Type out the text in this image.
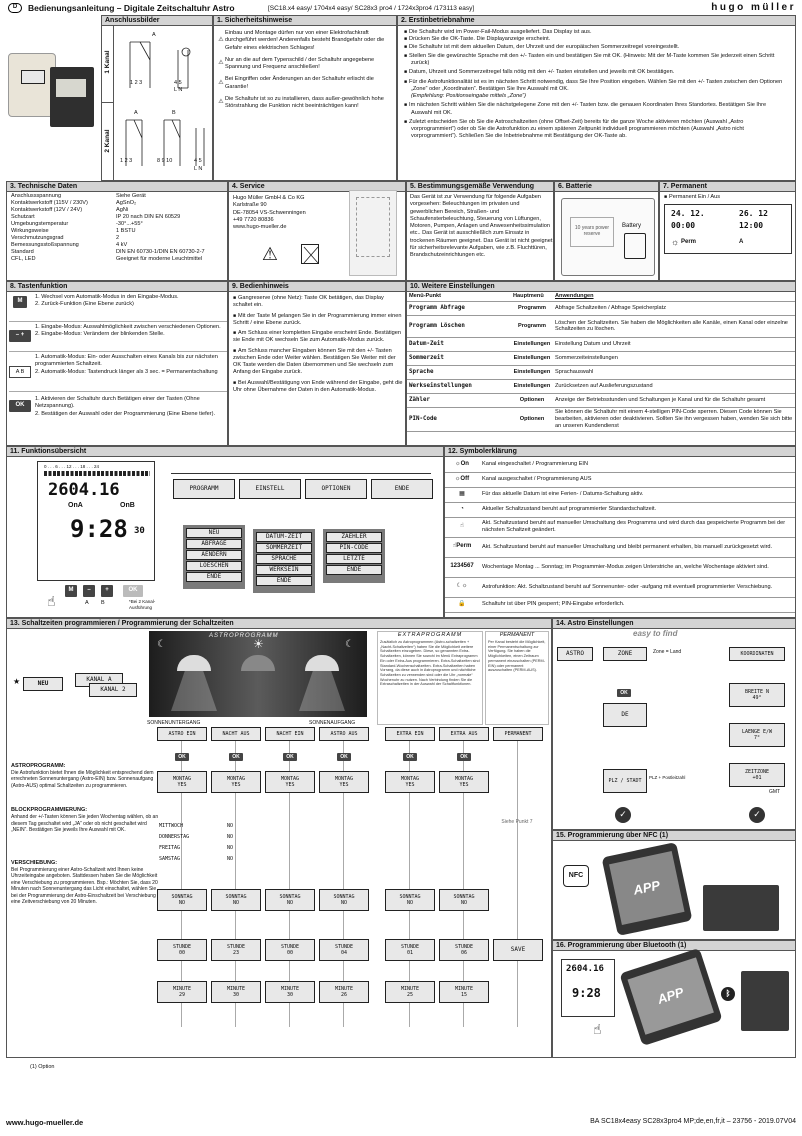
D	Bedienungsanleitung – Digitale Zeitschaltuhr Astro	[SC18.x4 easy/ 1704x4 easy/ SC28x3 pro4 / 1724x3pro4 /173113 easy]	hugo müller
Anschlussbilder
1 Kanal
2 Kanal
A
1 2 3	4 5
L N
A	B
1 2 3	8 9 10	4 5
L N
1. Sicherheitshinweise
⚠
Einbau und Montage dürfen nur von einer Elektrofachkraft durchgeführt werden! Anderenfalls besteht Brandgefahr oder die Gefahr eines elektrischen Schlages!
⚠
Nur an die auf dem Typenschild / der Schaltuhr angegebene Spannung und Frequenz anschließen!
⚠
Bei Eingriffen oder Änderungen an der Schaltuhr erlischt die Garantie!
⚠
Die Schaltuhr ist so zu installieren, dass außer-gewöhnlich hohe Störstrahlung die Funktion nicht beeinträchtigen kann!
2. Erstinbetriebnahme
■ Die Schaltuhr wird im Power-Fail-Modus ausgeliefert. Das Display ist aus.
■ Drücken Sie die OK-Taste. Die Displayanzeige erscheint.
■ Die Schaltuhr ist mit dem aktuellen Datum, der Uhrzeit und der europäischen Sommerzeitregel voreingestellt.
■ Stellen Sie die gewünschte Sprache mit den +/- Tasten ein und bestätigen Sie mit OK. (Hinweis: Mit der M-Taste kommen Sie jederzeit einen Schritt zurück)
■ Datum, Uhrzeit und Sommerzeitregel falls nötig mit den +/- Tasten einstellen und jeweils mit OK bestätigen.
■ Für die Astrofunktionalität ist es im nächsten Schritt notwendig, dass Sie Ihre Position eingeben. Wählen Sie mit den +/- Tasten zwischen den Optionen „Zone“ oder „Koordinaten“. Bestätigen Sie Ihre Auswahl mit OK.
(Empfehlung: Positionseingabe mittels „Zone“)
■ Im nächsten Schritt wählen Sie die nächstgelegene Zone mit den +/- Tasten bzw. die genauen Koordinaten Ihres Standortes. Bestätigen Sie Ihre Auswahl mit OK.
■ Zuletzt entscheiden Sie ob Sie die Astroschaltzeiten (ohne Offset-Zeit) bereits für die ganze Woche aktivieren möchten (Auswahl „Astro vorprogrammiert“) oder ob Sie die Astrofunktion zu einem späteren Zeitpunkt individuell programmieren möchten (Auswahl „Astro nicht vorprogrammiert“). Schließen Sie die Inbetriebnahme mit Bestätigung der OK-Taste ab.
3. Technische Daten
Anschlussspannung	Siehe Gerät
Kontaktwerkstoff (115V / 230V)	AgSnO₂
Kontaktwerkstoff (12V / 24V)	AgNi
Schutzart	IP 20 nach DIN EN 60529
Umgebungstemperatur	-30°...+55°
Wirkungsweise	1 BSTU
Verschmutzungsgrad	2
Bemessungsstoßspannung	4 kV
Standard	DIN EN 60730-1/DIN EN 60730-2-7
CFL, LED	Geeignet für moderne Leuchtmittel
4. Service
Hugo Müller GmbH & Co KG
Karlstraße 90
DE-78054 VS-Schwenningen
+49 7720 80836
www.hugo-mueller.de
⚠
5. Bestimmungsgemäße Verwendung
Das Gerät ist zur Verwendung für folgende Aufgaben vorgesehen: Beleuchtungen im privaten und gewerblichen Bereich, Straßen- und Schaufensterbeleuchtung, Steuerung von Lüftungen, Motoren, Pumpen, Anlagen und Anwesenheitssimulation etc.. Das Gerät ist ausschließlich zum Einsatz in trockenen Räumen geeignet. Das Gerät ist nicht geeignet für sicherheitsrelevante Aufgaben, wie z.B. Fluchttüren, Brandschutzeinrichtungen etc.
6. Batterie
Battery
10 years power reserve
7. Permanent
■ Permanent Ein / Aus
24. 12.	26. 12
00:00	12:00
☼ Perm	A
8. Tastenfunktion
M
1. Wechsel vom Automatik-Modus in den Eingabe-Modus.
2. Zurück-Funktion (Eine Ebene zurück)
– +
1. Eingabe-Modus: Auswahlmöglichkeit zwischen verschiedenen Optionen.
2. Eingabe-Modus: Verändern der blinkenden Stelle.
A B
1. Automatik-Modus: Ein- oder Ausschalten eines Kanals bis zur nächsten programmierten Schaltzeit.
2. Automatik-Modus: Tastendruck länger als 3 sec. = Permanentschaltung
OK
1. Aktivieren der Schaltuhr durch Betätigen einer der Tasten (Ohne Netzspannung).
2. Bestätigen der Auswahl oder der Programmierung (Eine Ebene tiefer).
9. Bedienhinweis
■ Gangreserve (ohne Netz): Taste OK betätigen, das Display schaltet ein.
■ Mit der Taste M gelangen Sie in der Programmierung immer einen Schritt / eine Ebene zurück.
■ Am Schluss einer kompletten Eingabe erscheint Ende. Bestätigen sie Ende mit OK wechseln Sie zum Automatik-Modus zurück.
■ Am Schluss mancher Eingaben können Sie mit den +/- Tasten zwischen Ende oder Weiter wählen. Bestätigen Sie Weiter mit der OK Taste werden die Daten übernommen und Sie wechseln zum Anfang der Eingabe zurück.
■ Bei Auswahl/Bestätigung von Ende während der Eingabe, geht die Uhr ohne Übernahme der Daten in den Automatik-Modus.
10. Weitere Einstellungen
Menü-Punkt	Hauptmenü	Anwendungen
Programm Abfrage	Programm	Abfrage Schaltzeiten / Abfrage Speicherplatz
Programm Löschen	Programm	Löschen der Schaltzeiten. Sie haben die Möglichkeiten alle Kanäle, einen Kanal oder einzelne Schaltzeiten zu löschen.
Datum-Zeit	Einstellungen	Einstellung Datum und Uhrzeit
Sommerzeit	Einstellungen	Sommerzeiteinstellungen
Sprache	Einstellungen	Sprachauswahl
Werkseinstellungen	Einstellungen	Zurücksetzen auf Auslieferungszustand
Zähler	Optionen	Anzeige der Betriebsstunden und Schaltungen je Kanal und für die Schaltuhr gesamt
PIN-Code	Optionen	Sie können die Schaltuhr mit einem 4-stelligen PIN-Code sperren. Diesen Code können Sie bearbeiten, aktivieren oder deaktivieren. Sollten Sie ihn vergessen haben, wenden Sie sich bitte an unseren Kundendienst
11. Funktionsübersicht
0 . . . 6 . . . 12 . . . 18 . . . 24
2604.16
OnA	OnB
9:28 30
M	–	+	OK
A B
☝	*Bei 2 Kanal-Ausführung
PROGRAMM	EINSTELL	OPTIONEN	ENDE
NEU
ABFRAGE
AENDERN
LOESCHEN
ENDE
DATUM-ZEIT
SOMMERZEIT
SPRACHE
WERKSEIN
ENDE
ZAEHLER
PIN-CODE
LETZTE
ENDE
12. Symbolerklärung
☼On	Kanal eingeschaltet / Programmierung EIN
☼Off	Kanal ausgeschaltet / Programmierung AUS
▦	Für das aktuelle Datum ist eine Ferien- / Datums-Schaltung aktiv.
◔	Aktueller Schaltzustand beruht auf programmierter Standardschaltzeit.
☝	Akt. Schaltzustand beruht auf manueller Umschaltung des Programms und wird durch das gespeicherte Programm bei der nächsten Schaltzeit geändert.
☝Perm	Akt. Schaltzustand beruht auf manueller Umschaltung und bleibt permanent erhalten, bis manuell zurückgesetzt wird.
1234567	Wochentage Montag ... Sonntag; im Programmier-Modus zeigen Unterstriche an, welche Wochentage aktiviert sind.
☾☼	Astrofunktion: Akt. Schaltzustand beruht auf Sonnenunter- oder -aufgang mit eventuell programmierter Verschiebung.
🔒	Schaltuhr ist über PIN gesperrt; PIN-Eingabe erforderlich.
13. Schaltzeiten programmieren / Programmierung der Schaltzeiten
ASTROPROGRAMM
☾	☀	☾
SONNENUNTERGANG	SONNENAUFGANG
EXTRAPROGRAMM
Zusätzlich zu Astroprogrammen (Astro-schaltzeiten + „Nacht-Schaltzeiten“) haben Sie die Möglichkeit weitere Schaltzeiten einzugeben. Diese, so genannten Extra-Schaltzeiten, können Sie sowohl im Menü Extraprogramm Ein oder Extra-Aus programmieren. Extra-Schaltzeiten sind Standard-Wochenschaltzeiten. Extra-Schaltzeiten haben Vorrang, da diese auch in Astroprogramm und nächtliche Schaltzeiten zu verwenden sind oder die Uhr „normale“ Wochenuhr zu nutzen. Nach Verbindung finden Sie die Extraschaltzeiten in der Auswahl der Schaltfunktionen.
PERMANENT
Per Kanal besteht die Möglichkeit, einer Permanentschaltung zur Verfügung. Sie haben die Möglichkeiten, einen Zeitraum permanent einzuschalten (PERM-EIN) oder permanent auszuschalten (PERM-AUS).
NEU
★	KANAL A
KANAL 2
ASTROPROGRAMM:
Die Astrofunktion bietet Ihnen die Möglichkeit entsprechend dem errechneten Sonnenuntergang (Astro-EIN) bzw. Sonnenaufgang (Astro-AUS) optimal Schaltzeiten zu programmieren.
BLOCKPROGRAMMIERUNG:
Anhand der +/-Tasten können Sie jeden Wochentag wählen, ob an diesem Tag geschaltet wird „JA“ oder ob nicht geschaltet wird „NEIN“. Bestätigen Sie jeweils Ihre Auswahl mit OK.
VERSCHIEBUNG:
Bei Programmierung einer Astro-Schaltzeit wird Ihnen keine Uhrzeiteingabe angeboten. Stattdessen haben Sie die Möglichkeit eine Verschiebung zu programmieren. Bsp.: Möchten Sie, dass 20 Minuten nach Sonnenuntergang das Licht einschaltet, wählen Sie bei der Programmierung der Astro-Einschaltzeit bei Verschiebung eine Zeitverschiebung von 20 Minuten.
ASTRO EIN
MONTAG
YES
SONNTAG
NO
STUNDE
00
MINUTE
29
OK
NACHT AUS
MONTAG
YES
SONNTAG
NO
STUNDE
23
MINUTE
30
OK
NACHT EIN
MONTAG
YES
SONNTAG
NO
STUNDE
00
MINUTE
30
OK
ASTRO AUS
MONTAG
YES
SONNTAG
NO
STUNDE
04
MINUTE
26
OK
EXTRA EIN
MONTAG
YES
SONNTAG
NO
STUNDE
01
MINUTE
25
OK
EXTRA AUS
MONTAG
YES
SONNTAG
NO
STUNDE
06
MINUTE
15
OK
PERMANENT
Siehe Punkt 7
MITTWOCH	NO
DONNERSTAG	NO
FREITAG	NO
SAMSTAG	NO
SAVE
14. Astro Einstellungen
easy to find
ASTRO	ZONE	Zone = Land	KOORDINATEN
OK
DE
BREITE N
49°
LAENGE E/W
7°
PLZ / STADT
PLZ + Postleitzahl
ZEITZONE
+01
GMT
✓	✓
15. Programmierung über NFC (1)
NFC
APP
16. Programmierung über Bluetooth (1)
2604.16
9:28
☝
APP	ᛒ
(1) Option
www.hugo-mueller.de	BA SC18x4easy SC28x3pro4 MP;de,en,fr,it – 23756 - 2019.07V04
